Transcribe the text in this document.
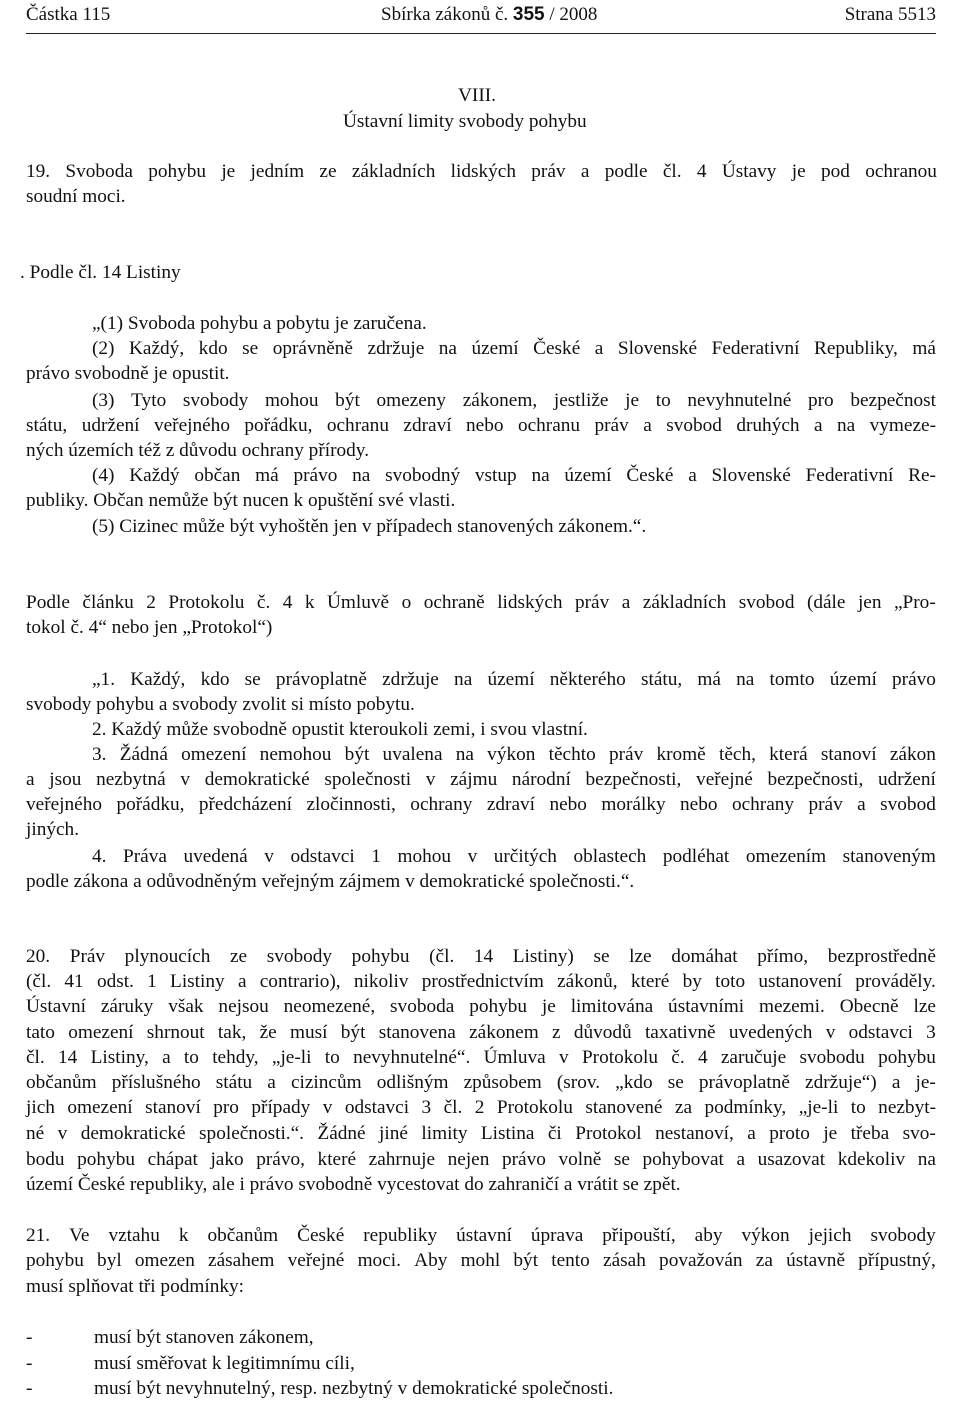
Částka 115	Sbírka zákonů č. 355 / 2008	Strana 5513
VIII.
Ústavní limity svobody pohybu
19. Svoboda pohybu je jedním ze základních lidských práv a podle čl. 4 Ústavy je pod ochranou
soudní moci.
. Podle čl. 14 Listiny
„(1) Svoboda pohybu a pobytu je zaručena.
(2) Každý, kdo se oprávněně zdržuje na území České a Slovenské Federativní Republiky, má
právo svobodně je opustit.
(3) Tyto svobody mohou být omezeny zákonem, jestliže je to nevyhnutelné pro bezpečnost
státu, udržení veřejného pořádku, ochranu zdraví nebo ochranu práv a svobod druhých a na vymeze-
ných územích též z důvodu ochrany přírody.
(4) Každý občan má právo na svobodný vstup na území České a Slovenské Federativní Re-
publiky. Občan nemůže být nucen k opuštění své vlasti.
(5) Cizinec může být vyhoštěn jen v případech stanovených zákonem.“.
Podle článku 2 Protokolu č. 4 k Úmluvě o ochraně lidských práv a základních svobod (dále jen „Pro-
tokol č. 4“ nebo jen „Protokol“)
„1. Každý, kdo se právoplatně zdržuje na území některého státu, má na tomto území právo
svobody pohybu a svobody zvolit si místo pobytu.
2. Každý může svobodně opustit kteroukoli zemi, i svou vlastní.
3. Žádná omezení nemohou být uvalena na výkon těchto práv kromě těch, která stanoví zákon
a jsou nezbytná v demokratické společnosti v zájmu národní bezpečnosti, veřejné bezpečnosti, udržení
veřejného pořádku, předcházení zločinnosti, ochrany zdraví nebo morálky nebo ochrany práv a svobod
jiných.
4. Práva uvedená v odstavci 1 mohou v určitých oblastech podléhat omezením stanoveným
podle zákona a odůvodněným veřejným zájmem v demokratické společnosti.“.
20. Práv plynoucích ze svobody pohybu (čl. 14 Listiny) se lze domáhat přímo, bezprostředně
(čl. 41 odst. 1 Listiny a contrario), nikoliv prostřednictvím zákonů, které by toto ustanovení prováděly.
Ústavní záruky však nejsou neomezené, svoboda pohybu je limitována ústavními mezemi. Obecně lze
tato omezení shrnout tak, že musí být stanovena zákonem z důvodů taxativně uvedených v odstavci 3
čl. 14 Listiny, a to tehdy, „je-li to nevyhnutelné“. Úmluva v Protokolu č. 4 zaručuje svobodu pohybu
občanům příslušného státu a cizincům odlišným způsobem (srov. „kdo se právoplatně zdržuje“) a je-
jich omezení stanoví pro případy v odstavci 3 čl. 2 Protokolu stanovené za podmínky, „je-li to nezbyt-
né v demokratické společnosti.“. Žádné jiné limity Listina či Protokol nestanoví, a proto je třeba svo-
bodu pohybu chápat jako právo, které zahrnuje nejen právo volně se pohybovat a usazovat kdekoliv na
území České republiky, ale i právo svobodně vycestovat do zahraničí a vrátit se zpět.
21. Ve vztahu k občanům České republiky ústavní úprava připouští, aby výkon jejich svobody
pohybu byl omezen zásahem veřejné moci. Aby mohl být tento zásah považován za ústavně přípustný,
musí splňovat tři podmínky:
-	musí být stanoven zákonem,
-	musí směřovat k legitimnímu cíli,
-	musí být nevyhnutelný, resp. nezbytný v demokratické společnosti.
